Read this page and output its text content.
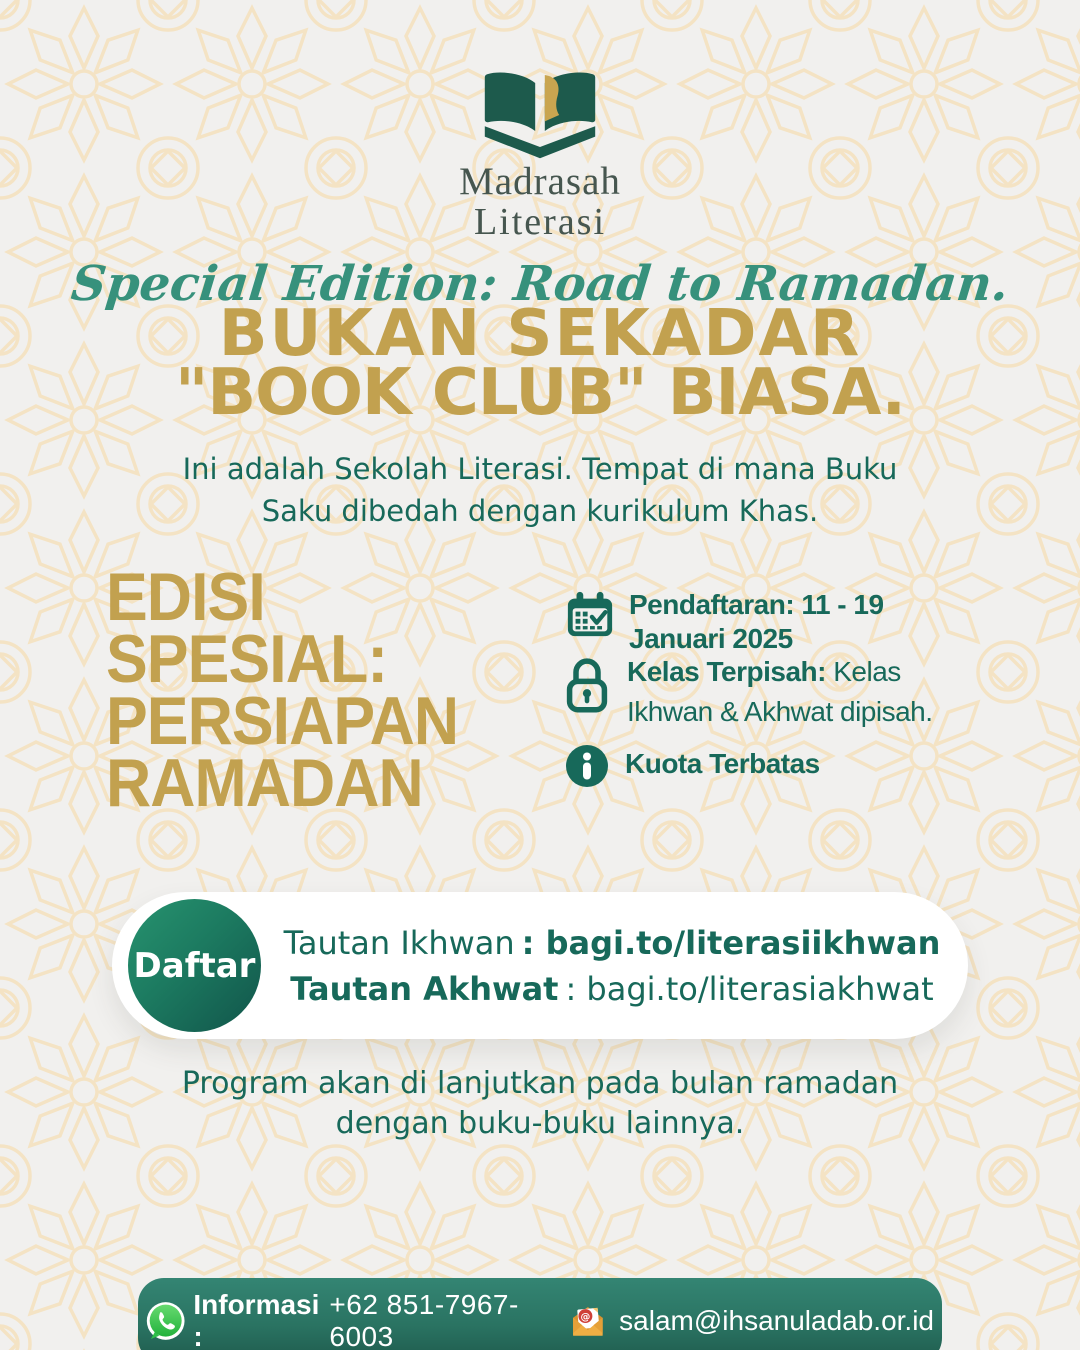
Madrasah
Literasi
Special Edition: Road to Ramadan.
BUKAN SEKADAR
"BOOK CLUB" BIASA.
Ini adalah Sekolah Literasi. Tempat di mana Buku
Saku dibedah dengan kurikulum Khas.
EDISI
SPESIAL:
PERSIAPAN
RAMADAN
Pendaftaran: 11 - 19
Januari 2025
Kelas Terpisah: Kelas Ikhwan & Akhwat dipisah.
Kuota Terbatas
Daftar
Tautan Ikhwan : bagi.to/literasiikhwan
Tautan Akhwat : bagi.to/literasiakhwat
Program akan di lanjutkan pada bulan ramadan
dengan buku-buku lainnya.
Informasi :
+62 851-7967-6003
@ salam@ihsanuladab.or.id
